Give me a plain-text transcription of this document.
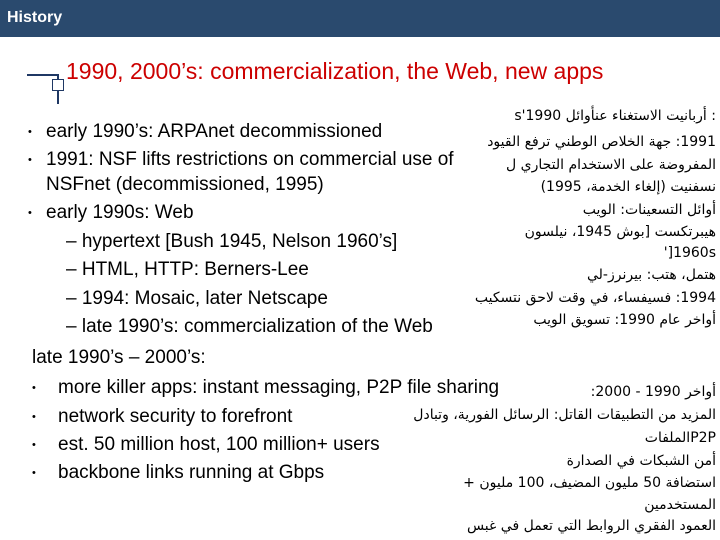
History
1990, 2000’s: commercialization, the Web, new apps
• early 1990’s: ARPAnet decommissioned
• 1991: NSF lifts restrictions on commercial use of
NSFnet (decommissioned, 1995)
• early 1990s: Web
– hypertext [Bush 1945, Nelson 1960’s]
– HTML, HTTP: Berners-Lee
– 1994: Mosaic, later Netscape
– late 1990’s: commercialization of the Web
late 1990’s – 2000’s:
• more killer apps: instant messaging, P2P file sharing
• network security to forefront
• est. 50 million host, 100 million+ users
• backbone links running at Gbps
: أربانيت الاستغناء عنأوائل s'1990
1991: جهة الخلاص الوطني ترفع القيود
المفروضة على الاستخدام التجاري ل
نسفنيت (إلغاء الخدمة، 1995)
أوائل التسعينات: الويب
هيبرتكست [بوش 1945، نيلسون
1960s['
هتمل، هتب: بيرنرز-لي
1994: فسيفساء، في وقت لاحق نتسكيب
أواخر عام 1990: تسويق الويب
أواخر 1990 - 2000:
المزيد من التطبيقات القاتل: الرسائل الفورية، وتبادل
P2Pالملفات
أمن الشبكات في الصدارة
استضافة 50 مليون المضيف، 100 مليون +
المستخدمين
العمود الفقري الروابط التي تعمل في غبس
